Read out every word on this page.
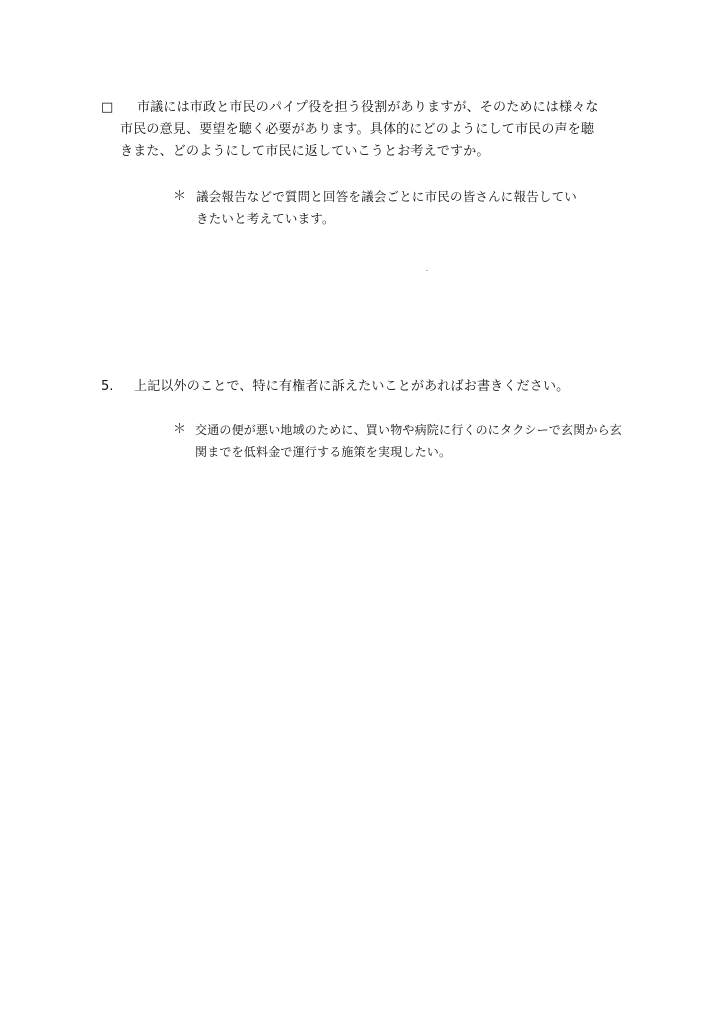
□ 市議には市政と市民のパイプ役を担う役割がありますが、そのためには様々な
市民の意見、要望を聴く必要があります。具体的にどのようにして市民の声を聴
きまた、どのようにして市民に返していこうとお考えですか。
＊ 議会報告などで質問と回答を議会ごとに市民の皆さんに報告してい
きたいと考えています。
5. 上記以外のことで、特に有権者に訴えたいことがあればお書きください。
＊ 交通の便が悪い地域のために、買い物や病院に行くのにタクシーで玄関から玄
関までを低料金で運行する施策を実現したい。
